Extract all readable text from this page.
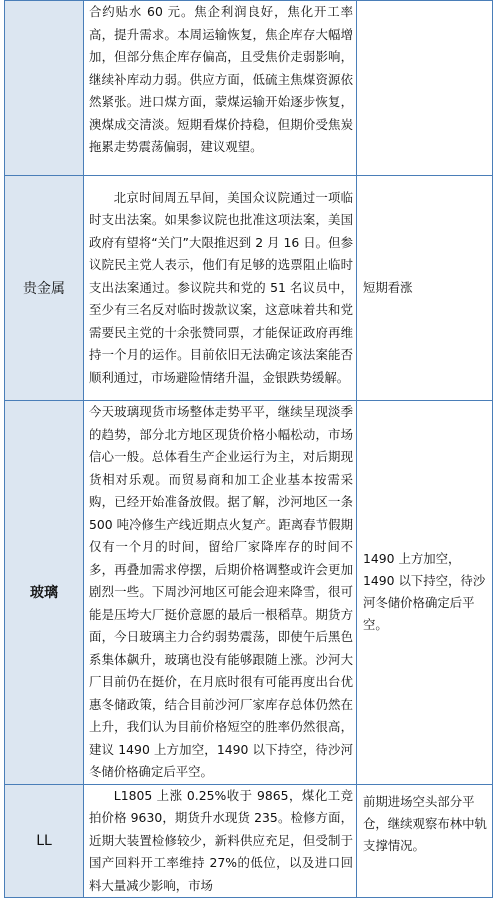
	合约贴水 60 元。焦企利润良好，焦化开工率高，提升需求。本周运输恢复，焦企库存大幅增加，但部分焦企库存偏高，且受焦价走弱影响，继续补库动力弱。供应方面，低硫主焦煤资源依然紧张。进口煤方面，蒙煤运输开始逐步恢复，澳煤成交清淡。短期看煤价持稳，但期价受焦炭拖累走势震荡偏弱，建议观望。	

贵金属	北京时间周五早间，美国众议院通过一项临时支出法案。如果参议院也批准这项法案，美国政府有望将“关门”大限推迟到 2 月 16 日。但参议院民主党人表示，他们有足够的选票阻止临时支出法案通过。参议院共和党的 51 名议员中，至少有三名反对临时拨款议案，这意味着共和党需要民主党的十余张赞同票，才能保证政府再维持一个月的运作。目前依旧无法确定该法案能否顺利通过，市场避险情绪升温，金银跌势缓解。	短期看涨
玻璃	今天玻璃现货市场整体走势平平，继续呈现淡季的趋势，部分北方地区现货价格小幅松动，市场信心一般。总体看生产企业运行为主，对后期现货相对乐观。而贸易商和加工企业基本按需采购，已经开始准备放假。据了解，沙河地区一条 500 吨冷修生产线近期点火复产。距离春节假期仅有一个月的时间，留给厂家降库存的时间不多，再叠加需求停摆，后期价格调整或许会更加剧烈一些。下周沙河地区可能会迎来降雪，很可能是压垮大厂挺价意愿的最后一根稻草。期货方面，今日玻璃主力合约弱势震荡，即使午后黑色系集体飙升，玻璃也没有能够跟随上涨。沙河大厂目前仍在挺价，在月底时很有可能再度出台优惠冬储政策，结合目前沙河厂家库存总体仍然在上升，我们认为目前价格短空的胜率仍然很高，建议 1490 上方加空，1490 以下持空，待沙河冬储价格确定后平空。	1490 上方加空，1490 以下持空，待沙河冬储价格确定后平空。
LL	L1805 上涨 0.25%收于 9865，煤化工竞拍价格 9630，期货升水现货 235。检修方面，近期大装置检修较少，新料供应充足，但受制于国产回料开工率维持 27%的低位，以及进口回料大量减少影响，市场	前期进场空头部分平仓，继续观察布林中轨支撑情况。
